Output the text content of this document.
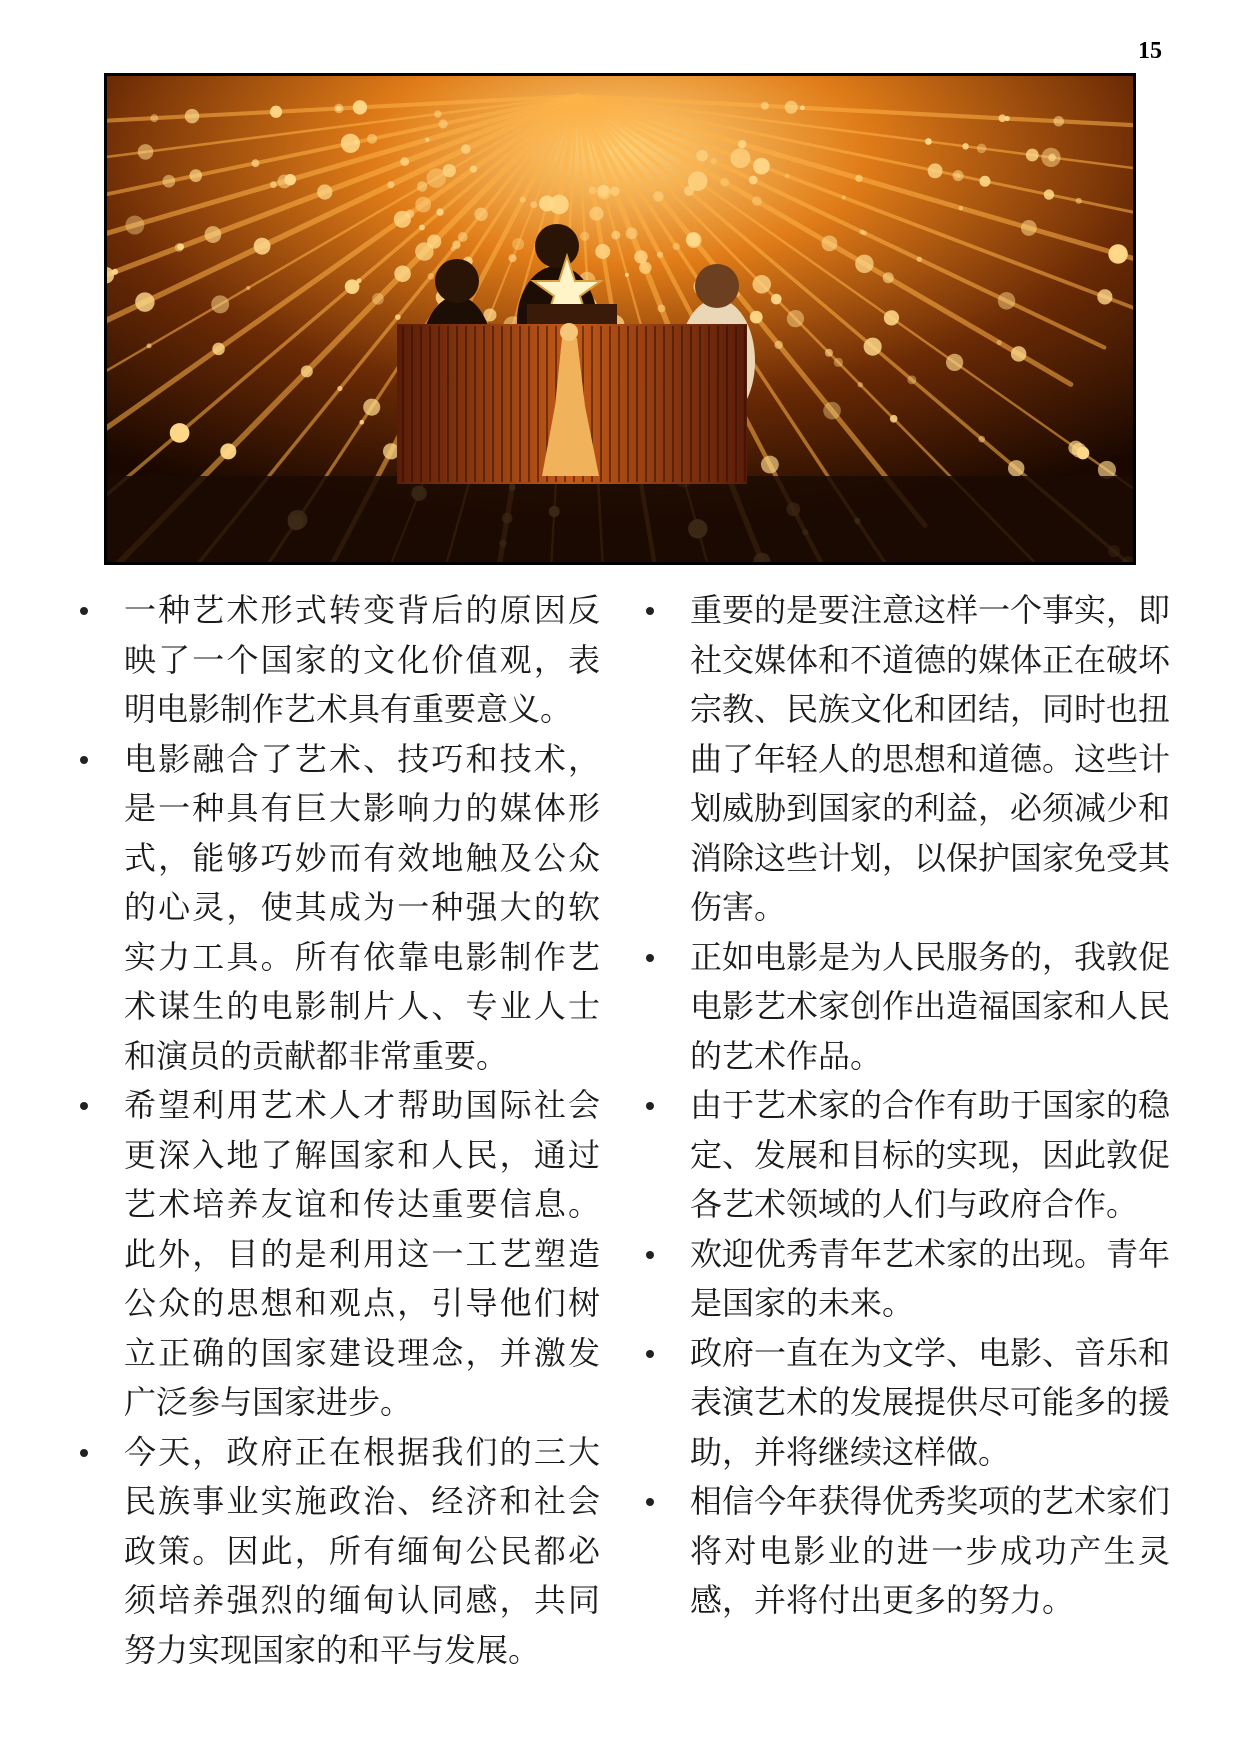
15
一种艺术形式转变背后的原因反映了一个国家的文化价值观，表明电影制作艺术具有重要意义。
电影融合了艺术、技巧和技术，是一种具有巨大影响力的媒体形式，能够巧妙而有效地触及公众的心灵，使其成为一种强大的软实力工具。所有依靠电影制作艺术谋生的电影制片人、专业人士和演员的贡献都非常重要。
希望利用艺术人才帮助国际社会更深入地了解国家和人民，通过艺术培养友谊和传达重要信息。此外，目的是利用这一工艺塑造公众的思想和观点，引导他们树立正确的国家建设理念，并激发广泛参与国家进步。
今天，政府正在根据我们的三大民族事业实施政治、经济和社会政策。因此，所有缅甸公民都必须培养强烈的缅甸认同感，共同努力实现国家的和平与发展。
重要的是要注意这样一个事实，即社交媒体和不道德的媒体正在破坏宗教、民族文化和团结，同时也扭曲了年轻人的思想和道德。这些计划威胁到国家的利益，必须减少和消除这些计划，以保护国家免受其伤害。
正如电影是为人民服务的，我敦促电影艺术家创作出造福国家和人民的艺术作品。
由于艺术家的合作有助于国家的稳定、发展和目标的实现，因此敦促各艺术领域的人们与政府合作。
欢迎优秀青年艺术家的出现。青年是国家的未来。
政府一直在为文学、电影、音乐和表演艺术的发展提供尽可能多的援助，并将继续这样做。
相信今年获得优秀奖项的艺术家们将对电影业的进一步成功产生灵感，并将付出更多的努力。
